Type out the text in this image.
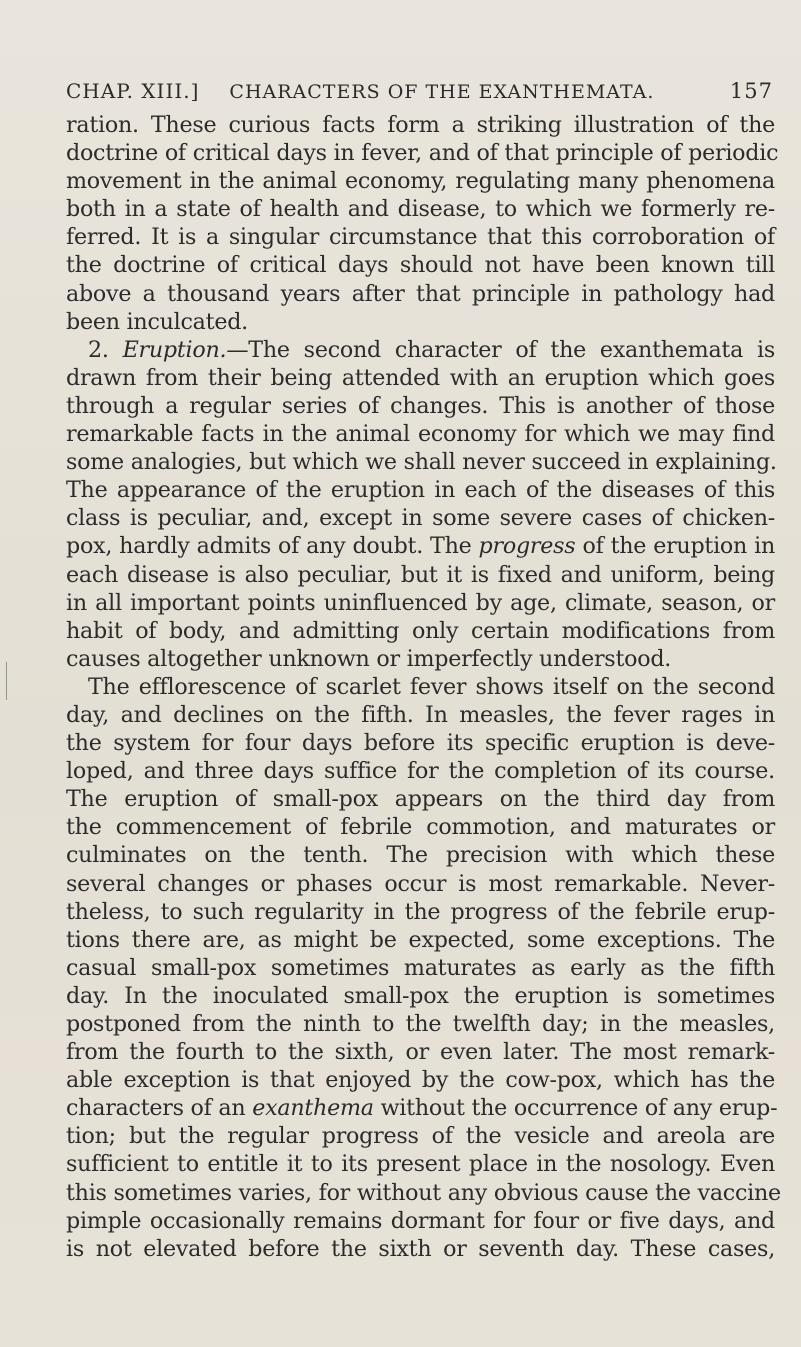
CHAP. XIII.] CHARACTERS OF THE EXANTHEMATA.	157
ration. These curious facts form a striking illustration of the
doctrine of critical days in fever, and of that principle of periodic
movement in the animal economy, regulating many phenomena
both in a state of health and disease, to which we formerly re-
ferred. It is a singular circumstance that this corroboration of
the doctrine of critical days should not have been known till
above a thousand years after that principle in pathology had
been inculcated.
2. Eruption.—The second character of the exanthemata is
drawn from their being attended with an eruption which goes
through a regular series of changes. This is another of those
remarkable facts in the animal economy for which we may find
some analogies, but which we shall never succeed in explaining.
The appearance of the eruption in each of the diseases of this
class is peculiar, and, except in some severe cases of chicken-
pox, hardly admits of any doubt. The progress of the eruption in
each disease is also peculiar, but it is fixed and uniform, being
in all important points uninfluenced by age, climate, season, or
habit of body, and admitting only certain modifications from
causes altogether unknown or imperfectly understood.
The efflorescence of scarlet fever shows itself on the second
day, and declines on the fifth. In measles, the fever rages in
the system for four days before its specific eruption is deve-
loped, and three days suffice for the completion of its course.
The eruption of small-pox appears on the third day from
the commencement of febrile commotion, and maturates or
culminates on the tenth. The precision with which these
several changes or phases occur is most remarkable. Never-
theless, to such regularity in the progress of the febrile erup-
tions there are, as might be expected, some exceptions. The
casual small-pox sometimes maturates as early as the fifth
day. In the inoculated small-pox the eruption is sometimes
postponed from the ninth to the twelfth day; in the measles,
from the fourth to the sixth, or even later. The most remark-
able exception is that enjoyed by the cow-pox, which has the
characters of an exanthema without the occurrence of any erup-
tion; but the regular progress of the vesicle and areola are
sufficient to entitle it to its present place in the nosology. Even
this sometimes varies, for without any obvious cause the vaccine
pimple occasionally remains dormant for four or five days, and
is not elevated before the sixth or seventh day. These cases,
